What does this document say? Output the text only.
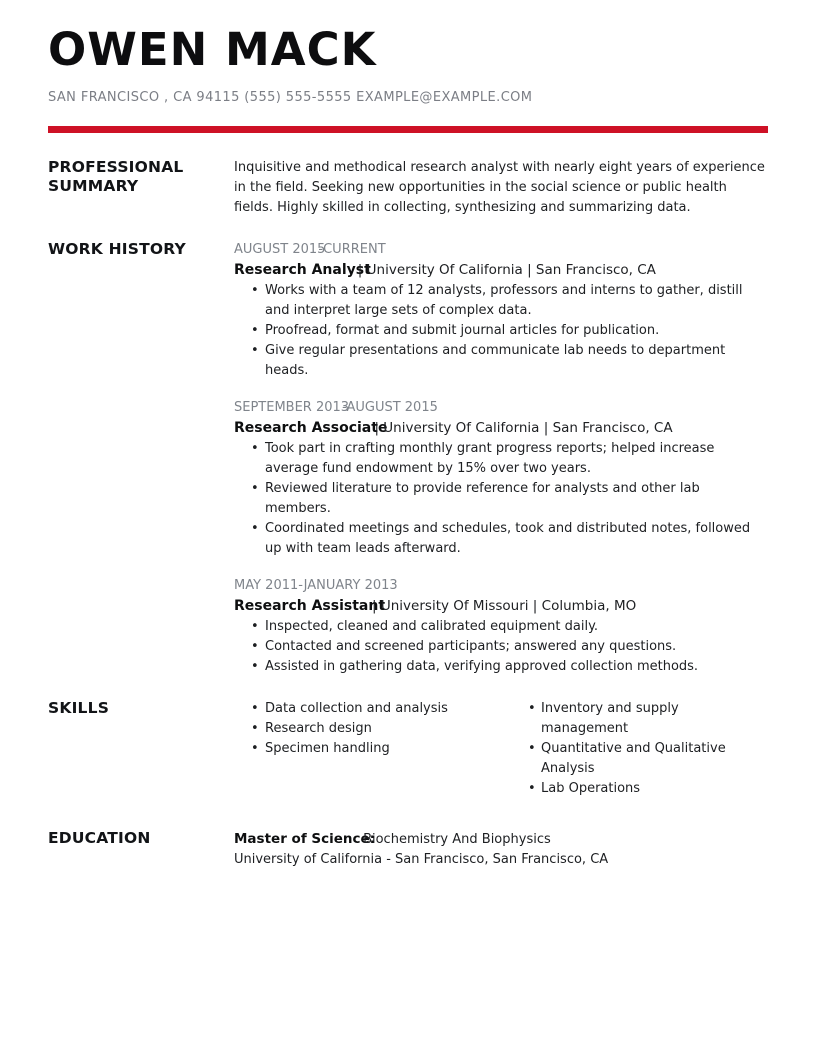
OWEN MACK
SAN FRANCISCO , CA 94115 (555) 555-5555 EXAMPLE@EXAMPLE.COM
PROFESSIONAL SUMMARY

Inquisitive and methodical research analyst with nearly eight years of experience in the field. Seeking new opportunities in the social science or public health fields. Highly skilled in collecting, synthesizing and summarizing data.

WORK HISTORY	AUGUST 2015-CURRENT
Research Analyst| University Of California | San Francisco, CA
• Works with a team of 12 analysts, professors and interns to gather, distill and interpret large sets of complex data.
• Proofread, format and submit journal articles for publication.
• Give regular presentations and communicate lab needs to department heads.
SEPTEMBER 2013-AUGUST 2015
Research Associate| University Of California | San Francisco, CA
• Took part in crafting monthly grant progress reports; helped increase average fund endowment by 15% over two years.
• Reviewed literature to provide reference for analysts and other lab members.
• Coordinated meetings and schedules, took and distributed notes, followed up with team leads afterward.
MAY 2011-JANUARY 2013
Research Assistant| University Of Missouri | Columbia, MO
• Inspected, cleaned and calibrated equipment daily.
• Contacted and screened participants; answered any questions.
• Assisted in gathering data, verifying approved collection methods.
SKILLS	• Data collection and analysis
• Research design
• Specimen handling
• Inventory and supply management
• Quantitative and Qualitative Analysis
• Lab Operations
EDUCATION	Master of Science:Biochemistry And Biophysics
University of California - San Francisco, San Francisco, CA
